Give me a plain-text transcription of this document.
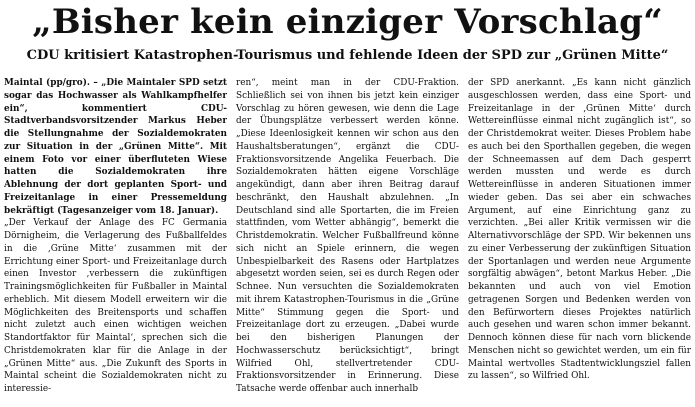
„Bisher kein einziger Vorschlag“
CDU kritisiert Katastrophen-Tourismus und fehlende Ideen der SPD zur „Grünen Mitte“

Maintal (pp/gro). – „Die Maintaler SPD setzt sogar das Hochwasser als Wahlkampfhelfer ein“, kommentiert CDU-Stadtverbandsvorsitzender Markus Heber die Stellungnahme der Sozialdemokraten zur Situation in der „Grünen Mitte“. Mit einem Foto vor einer überfluteten Wiese hatten die Sozialdemokraten ihre Ablehnung der dort geplanten Sport- und Freizeitanlage in einer Pressemeldung bekräftigt (Tagesanzeiger vom 18. Januar).

„Der Verkauf der Anlage des FC Germania Dörnigheim, die Verlagerung des Fußballfeldes in die ‚Grüne Mitte‘ zusammen mit der Errichtung einer Sport- und Freizeitanlage durch einen Investor ‚verbessern die zukünftigen Trainingsmöglichkeiten für Fußballer in Maintal erheblich. Mit diesem Modell erweitern wir die Möglichkeiten des Breitensports und schaffen nicht zuletzt auch einen wichtigen weichen Standortfaktor für Maintal‘, sprechen sich die Christdemokraten klar für die Anlage in der „Grünen Mitte“ aus. „Die Zukunft des Sports in Maintal scheint die Sozialdemokraten nicht zu interessie-

ren“, meint man in der CDU-Fraktion. Schließlich sei von ihnen bis jetzt kein einziger Vorschlag zu hören gewesen, wie denn die Lage der Übungsplätze verbessert werden könne. „Diese Ideenlosigkeit kennen wir schon aus den Haushaltsberatungen“, ergänzt die CDU-Fraktionsvorsitzende Angelika Feuerbach. Die Sozialdemokraten hätten eigene Vorschläge angekündigt, dann aber ihren Beitrag darauf beschränkt, den Haushalt abzulehnen. „In Deutschland sind alle Sportarten, die im Freien stattfinden, vom Wetter abhängig“, bemerkt die Christdemokratin. Welcher Fußballfreund könne sich nicht an Spiele erinnern, die wegen Unbespielbarkeit des Rasens oder Hartplatzes abgesetzt worden seien, sei es durch Regen oder Schnee. Nun versuchten die Sozialdemokraten mit ihrem Katastrophen-Tourismus in die „Grüne Mitte“ Stimmung gegen die Sport- und Freizeitanlage dort zu erzeugen. „Dabei wurde bei den bisherigen Planungen der Hochwasserschutz berücksichtigt“, bringt Wilfried Ohl, stellvertretender CDU-Fraktionsvorsitzender in Erinnerung. Diese Tatsache werde offenbar auch innerhalb

der SPD anerkannt. „Es kann nicht gänzlich ausgeschlossen werden, dass eine Sport- und Freizeitanlage in der ‚Grünen Mitte‘ durch Wettereinflüsse einmal nicht zugänglich ist“, so der Christdemokrat weiter. Dieses Problem habe es auch bei den Sporthallen gegeben, die wegen der Schneemassen auf dem Dach gesperrt werden mussten und werde es durch Wettereinflüsse in anderen Situationen immer wieder geben. Das sei aber ein schwaches Argument, auf eine Einrichtung ganz zu verzichten. „Bei aller Kritik vermissen wir die Alternativvorschläge der SPD. Wir bekennen uns zu einer Verbesserung der zukünftigen Situation der Sportanlagen und werden neue Argumente sorgfältig abwägen“, betont Markus Heber. „Die bekannten und auch von viel Emotion getragenen Sorgen und Bedenken werden von den Befürwortern dieses Projektes natürlich auch gesehen und waren schon immer bekannt. Dennoch können diese für nach vorn blickende Menschen nicht so gewichtet werden, um ein für Maintal wertvolles Stadtentwicklungsziel fallen zu lassen“, so Wilfried Ohl.
